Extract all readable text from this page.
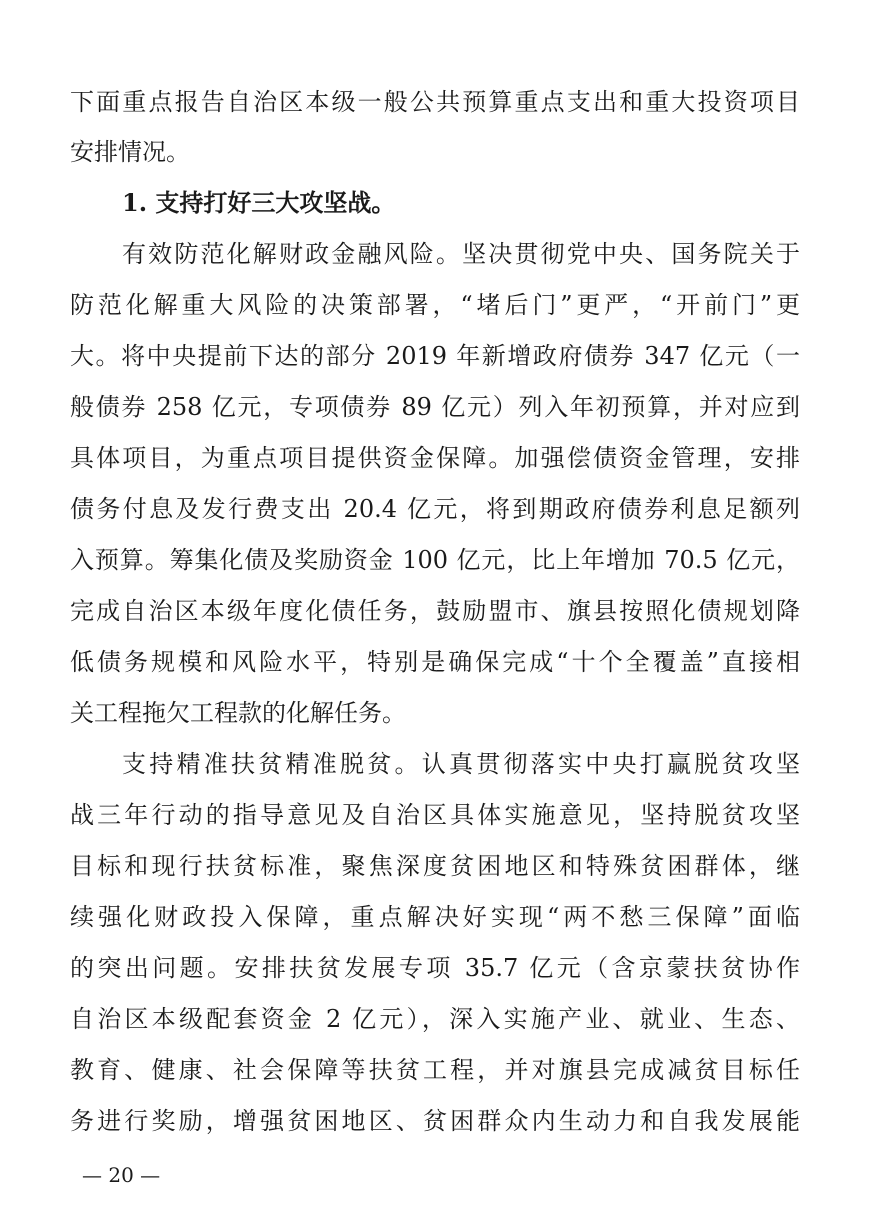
下面重点报告自治区本级一般公共预算重点支出和重大投资项目
安排情况。
1. 支持打好三大攻坚战。
有效防范化解财政金融风险。坚决贯彻党中央、国务院关于
防范化解重大风险的决策部署，“堵后门”更严，“开前门”更
大。将中央提前下达的部分 2019 年新增政府债券 347 亿元（一
般债券 258 亿元，专项债券 89 亿元）列入年初预算，并对应到
具体项目，为重点项目提供资金保障。加强偿债资金管理，安排
债务付息及发行费支出 20.4 亿元，将到期政府债券利息足额列
入预算。筹集化债及奖励资金 100 亿元，比上年增加 70.5 亿元，
完成自治区本级年度化债任务，鼓励盟市、旗县按照化债规划降
低债务规模和风险水平，特别是确保完成“十个全覆盖”直接相
关工程拖欠工程款的化解任务。
支持精准扶贫精准脱贫。认真贯彻落实中央打赢脱贫攻坚
战三年行动的指导意见及自治区具体实施意见，坚持脱贫攻坚
目标和现行扶贫标准，聚焦深度贫困地区和特殊贫困群体，继
续强化财政投入保障，重点解决好实现“两不愁三保障”面临
的突出问题。安排扶贫发展专项 35.7 亿元（含京蒙扶贫协作
自治区本级配套资金 2 亿元），深入实施产业、就业、生态、
教育、健康、社会保障等扶贫工程，并对旗县完成减贫目标任
务进行奖励，增强贫困地区、贫困群众内生动力和自我发展能
— 20 —
